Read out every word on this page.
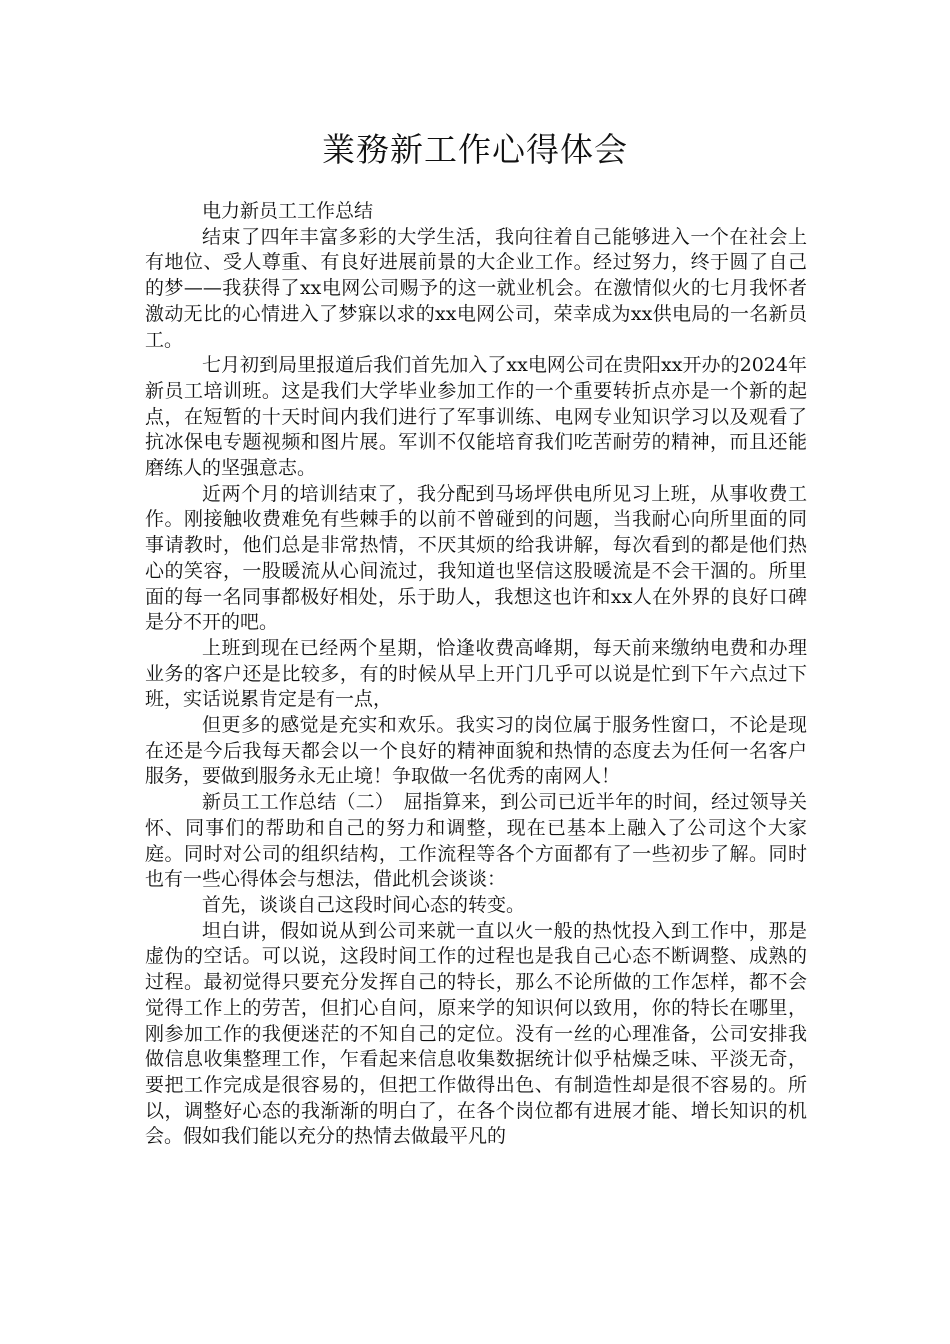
業務新工作心得体会

电力新员工工作总结

结束了四年丰富多彩的大学生活，我向往着自己能够进入一个在社会上有地位、受人尊重、有良好进展前景的大企业工作。经过努力，终于圆了自己的梦——我获得了xx电网公司赐予的这一就业机会。在激情似火的七月我怀者激动无比的心情进入了梦寐以求的xx电网公司，荣幸成为xx供电局的一名新员工。

七月初到局里报道后我们首先加入了xx电网公司在贵阳xx开办的2024年新员工培训班。这是我们大学毕业参加工作的一个重要转折点亦是一个新的起点，在短暂的十天时间内我们进行了军事训练、电网专业知识学习以及观看了抗冰保电专题视频和图片展。军训不仅能培育我们吃苦耐劳的精神，而且还能磨练人的坚强意志。

近两个月的培训结束了，我分配到马场坪供电所见习上班，从事收费工作。刚接触收费难免有些棘手的以前不曾碰到的问题，当我耐心向所里面的同事请教时，他们总是非常热情，不厌其烦的给我讲解，每次看到的都是他们热心的笑容，一股暖流从心间流过，我知道也坚信这股暖流是不会干涸的。所里面的每一名同事都极好相处，乐于助人，我想这也许和xx人在外界的良好口碑是分不开的吧。

上班到现在已经两个星期，恰逢收费高峰期，每天前来缴纳电费和办理业务的客户还是比较多，有的时候从早上开门几乎可以说是忙到下午六点过下班，实话说累肯定是有一点，

但更多的感觉是充实和欢乐。我实习的岗位属于服务性窗口，不论是现在还是今后我每天都会以一个良好的精神面貌和热情的态度去为任何一名客户服务，要做到服务永无止境！争取做一名优秀的南网人！

新员工工作总结（二）　屈指算来，到公司已近半年的时间，经过领导关怀、同事们的帮助和自己的努力和调整，现在已基本上融入了公司这个大家庭。同时对公司的组织结构，工作流程等各个方面都有了一些初步了解。同时也有一些心得体会与想法，借此机会谈谈：

首先，谈谈自己这段时间心态的转变。

坦白讲，假如说从到公司来就一直以火一般的热忱投入到工作中，那是虚伪的空话。可以说，这段时间工作的过程也是我自己心态不断调整、成熟的过程。最初觉得只要充分发挥自己的特长，那么不论所做的工作怎样，都不会觉得工作上的劳苦，但扪心自问，原来学的知识何以致用，你的特长在哪里，刚参加工作的我便迷茫的不知自己的定位。没有一丝的心理准备，公司安排我做信息收集整理工作，乍看起来信息收集数据统计似乎枯燥乏味、平淡无奇，要把工作完成是很容易的，但把工作做得出色、有制造性却是很不容易的。所以，调整好心态的我渐渐的明白了，在各个岗位都有进展才能、增长知识的机会。假如我们能以充分的热情去做最平凡的
